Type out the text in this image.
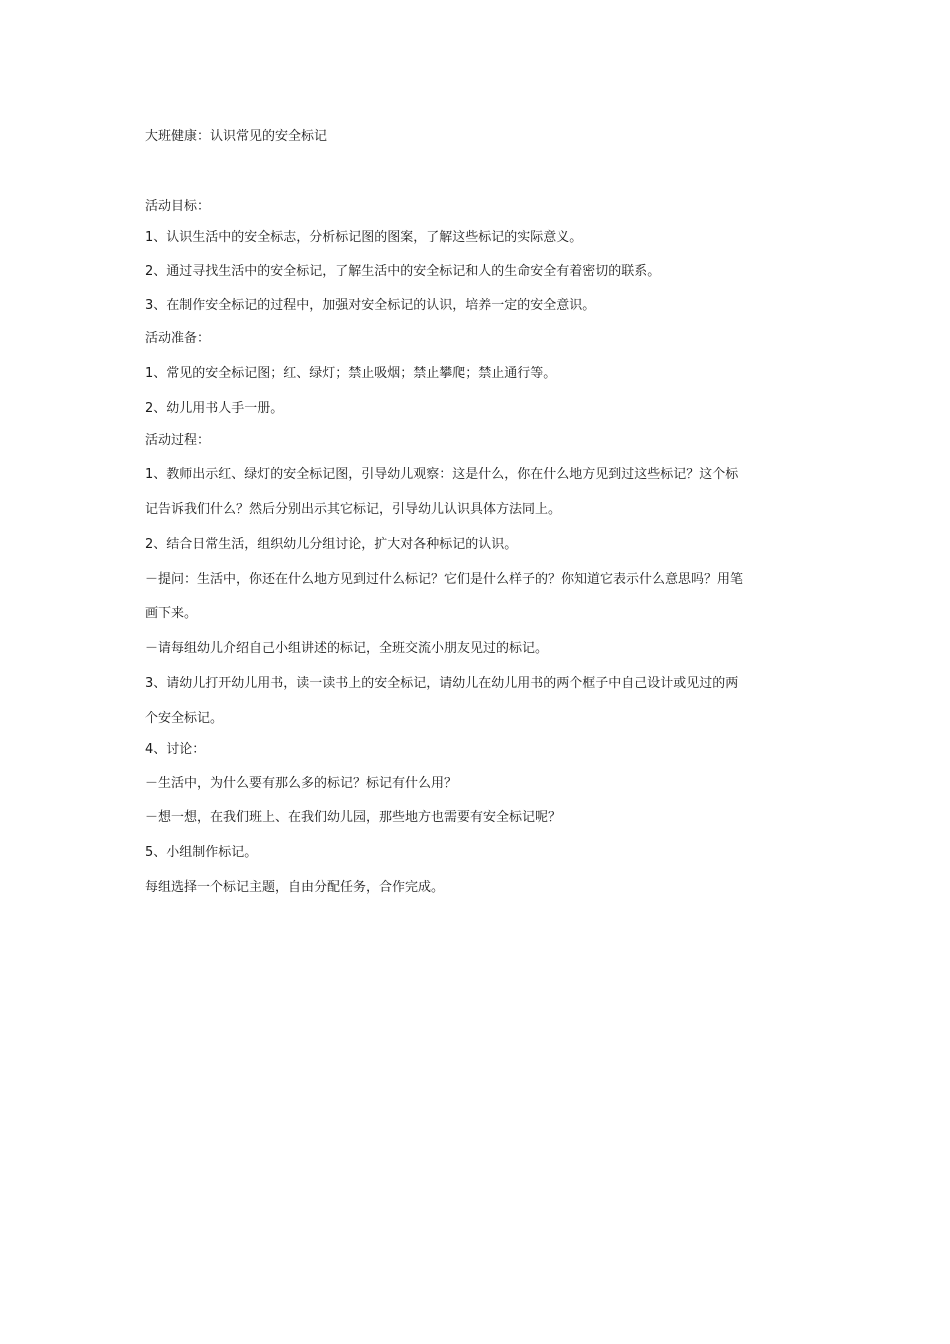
大班健康：认识常见的安全标记
活动目标：
1、认识生活中的安全标志，分析标记图的图案，了解这些标记的实际意义。
2、通过寻找生活中的安全标记，了解生活中的安全标记和人的生命安全有着密切的联系。
3、在制作安全标记的过程中，加强对安全标记的认识，培养一定的安全意识。
活动准备：
1、常见的安全标记图；红、绿灯；禁止吸烟；禁止攀爬；禁止通行等。
2、幼儿用书人手一册。
活动过程：
1、教师出示红、绿灯的安全标记图，引导幼儿观察：这是什么，你在什么地方见到过这些标记？这个标
记告诉我们什么？然后分别出示其它标记，引导幼儿认识具体方法同上。
2、结合日常生活，组织幼儿分组讨论，扩大对各种标记的认识。
－提问：生活中，你还在什么地方见到过什么标记？它们是什么样子的？你知道它表示什么意思吗？用笔
画下来。
－请每组幼儿介绍自己小组讲述的标记，全班交流小朋友见过的标记。
3、请幼儿打开幼儿用书，读一读书上的安全标记，请幼儿在幼儿用书的两个框子中自己设计或见过的两
个安全标记。
4、讨论：
－生活中，为什么要有那么多的标记？标记有什么用？
－想一想，在我们班上、在我们幼儿园，那些地方也需要有安全标记呢？
5、小组制作标记。
每组选择一个标记主题，自由分配任务，合作完成。
